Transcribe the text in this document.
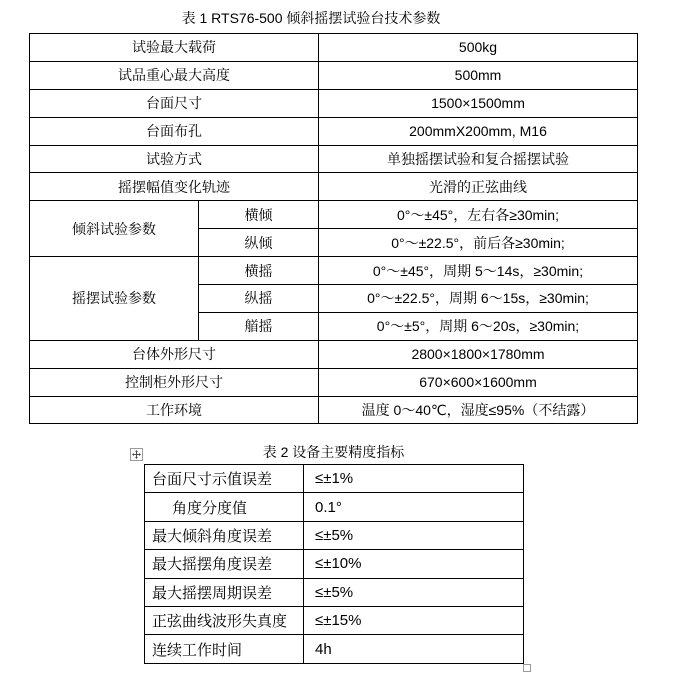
表 1 RTS76-500 倾斜摇摆试验台技术参数
试验最大载荷		500kg
试品重心最大高度		500mm
台面尺寸		1500×1500mm
台面布孔		200mmX200mm, M16
试验方式		单独摇摆试验和复合摇摆试验
摇摆幅值变化轨迹		光滑的正弦曲线
倾斜试验参数	横倾	0°～±45°，左右各≥30min;
	纵倾	0°～±22.5°，前后各≥30min;
摇摆试验参数	横摇	0°～±45°，周期 5～14s，≥30min;
	纵摇	0°～±22.5°，周期 6～15s，≥30min;
	艏摇	0°～±5°，周期 6～20s，≥30min;
台体外形尺寸		2800×1800×1780mm
控制柜外形尺寸		670×600×1600mm
工作环境		温度 0～40℃，湿度≤95%（不结露）
表 2 设备主要精度指标
台面尺寸示值误差	≤±1%
角度分度值	0.1°
最大倾斜角度误差	≤±5%
最大摇摆角度误差	≤±10%
最大摇摆周期误差	≤±5%
正弦曲线波形失真度	≤±15%
连续工作时间	4h
